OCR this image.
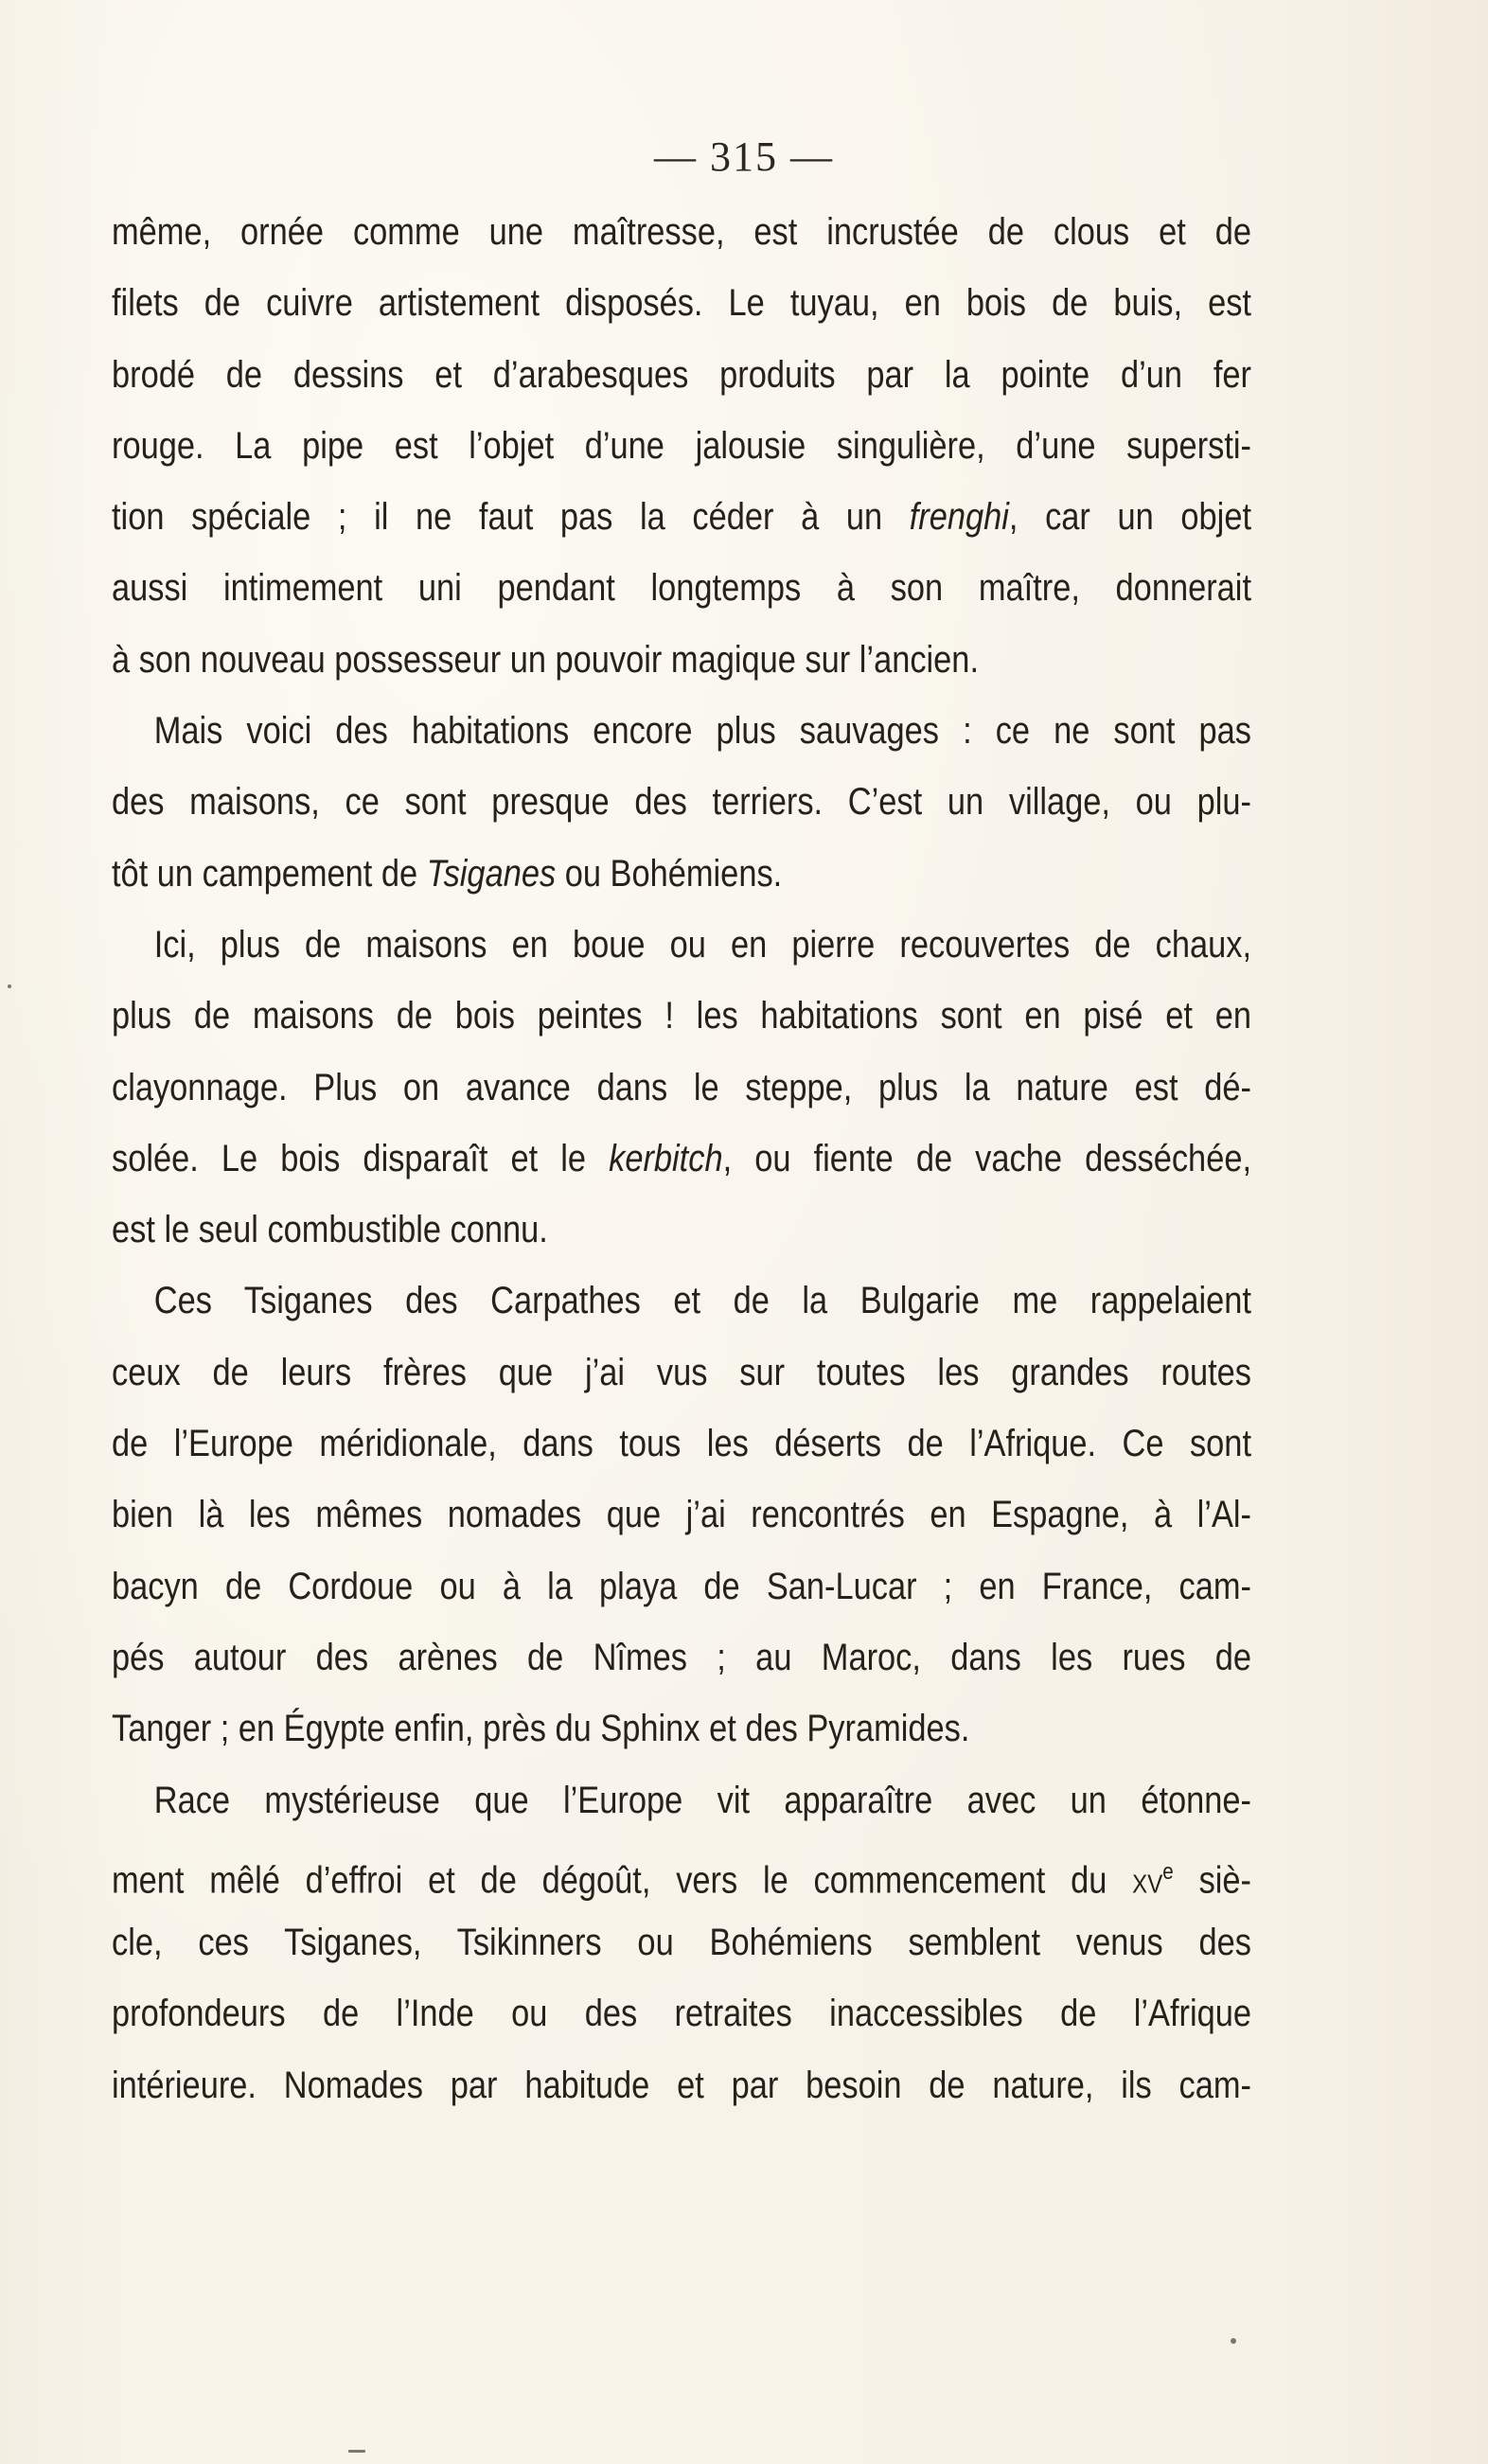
— 315 —
même, ornée comme une maîtresse, est incrustée de clous et de
filets de cuivre artistement disposés. Le tuyau, en bois de buis, est
brodé de dessins et d’arabesques produits par la pointe d’un fer
rouge. La pipe est l’objet d’une jalousie singulière, d’une supersti-
tion spéciale ; il ne faut pas la céder à un frenghi, car un objet
aussi intimement uni pendant longtemps à son maître, donnerait
à son nouveau possesseur un pouvoir magique sur l’ancien.
Mais voici des habitations encore plus sauvages : ce ne sont pas
des maisons, ce sont presque des terriers. C’est un village, ou plu-
tôt un campement de Tsiganes ou Bohémiens.
Ici, plus de maisons en boue ou en pierre recouvertes de chaux,
plus de maisons de bois peintes ! les habitations sont en pisé et en
clayonnage. Plus on avance dans le steppe, plus la nature est dé-
solée. Le bois disparaît et le kerbitch, ou fiente de vache desséchée,
est le seul combustible connu.
Ces Tsiganes des Carpathes et de la Bulgarie me rappelaient
ceux de leurs frères que j’ai vus sur toutes les grandes routes
de l’Europe méridionale, dans tous les déserts de l’Afrique. Ce sont
bien là les mêmes nomades que j’ai rencontrés en Espagne, à l’Al-
bacyn de Cordoue ou à la playa de San-Lucar ; en France, cam-
pés autour des arènes de Nîmes ; au Maroc, dans les rues de
Tanger ; en Égypte enfin, près du Sphinx et des Pyramides.
Race mystérieuse que l’Europe vit apparaître avec un étonne-
ment mêlé d’effroi et de dégoût, vers le commencement du $xv^e$ siè-
cle, ces Tsiganes, Tsikinners ou Bohémiens semblent venus des
profondeurs de l’Inde ou des retraites inaccessibles de l’Afrique
intérieure. Nomades par habitude et par besoin de nature, ils cam-
